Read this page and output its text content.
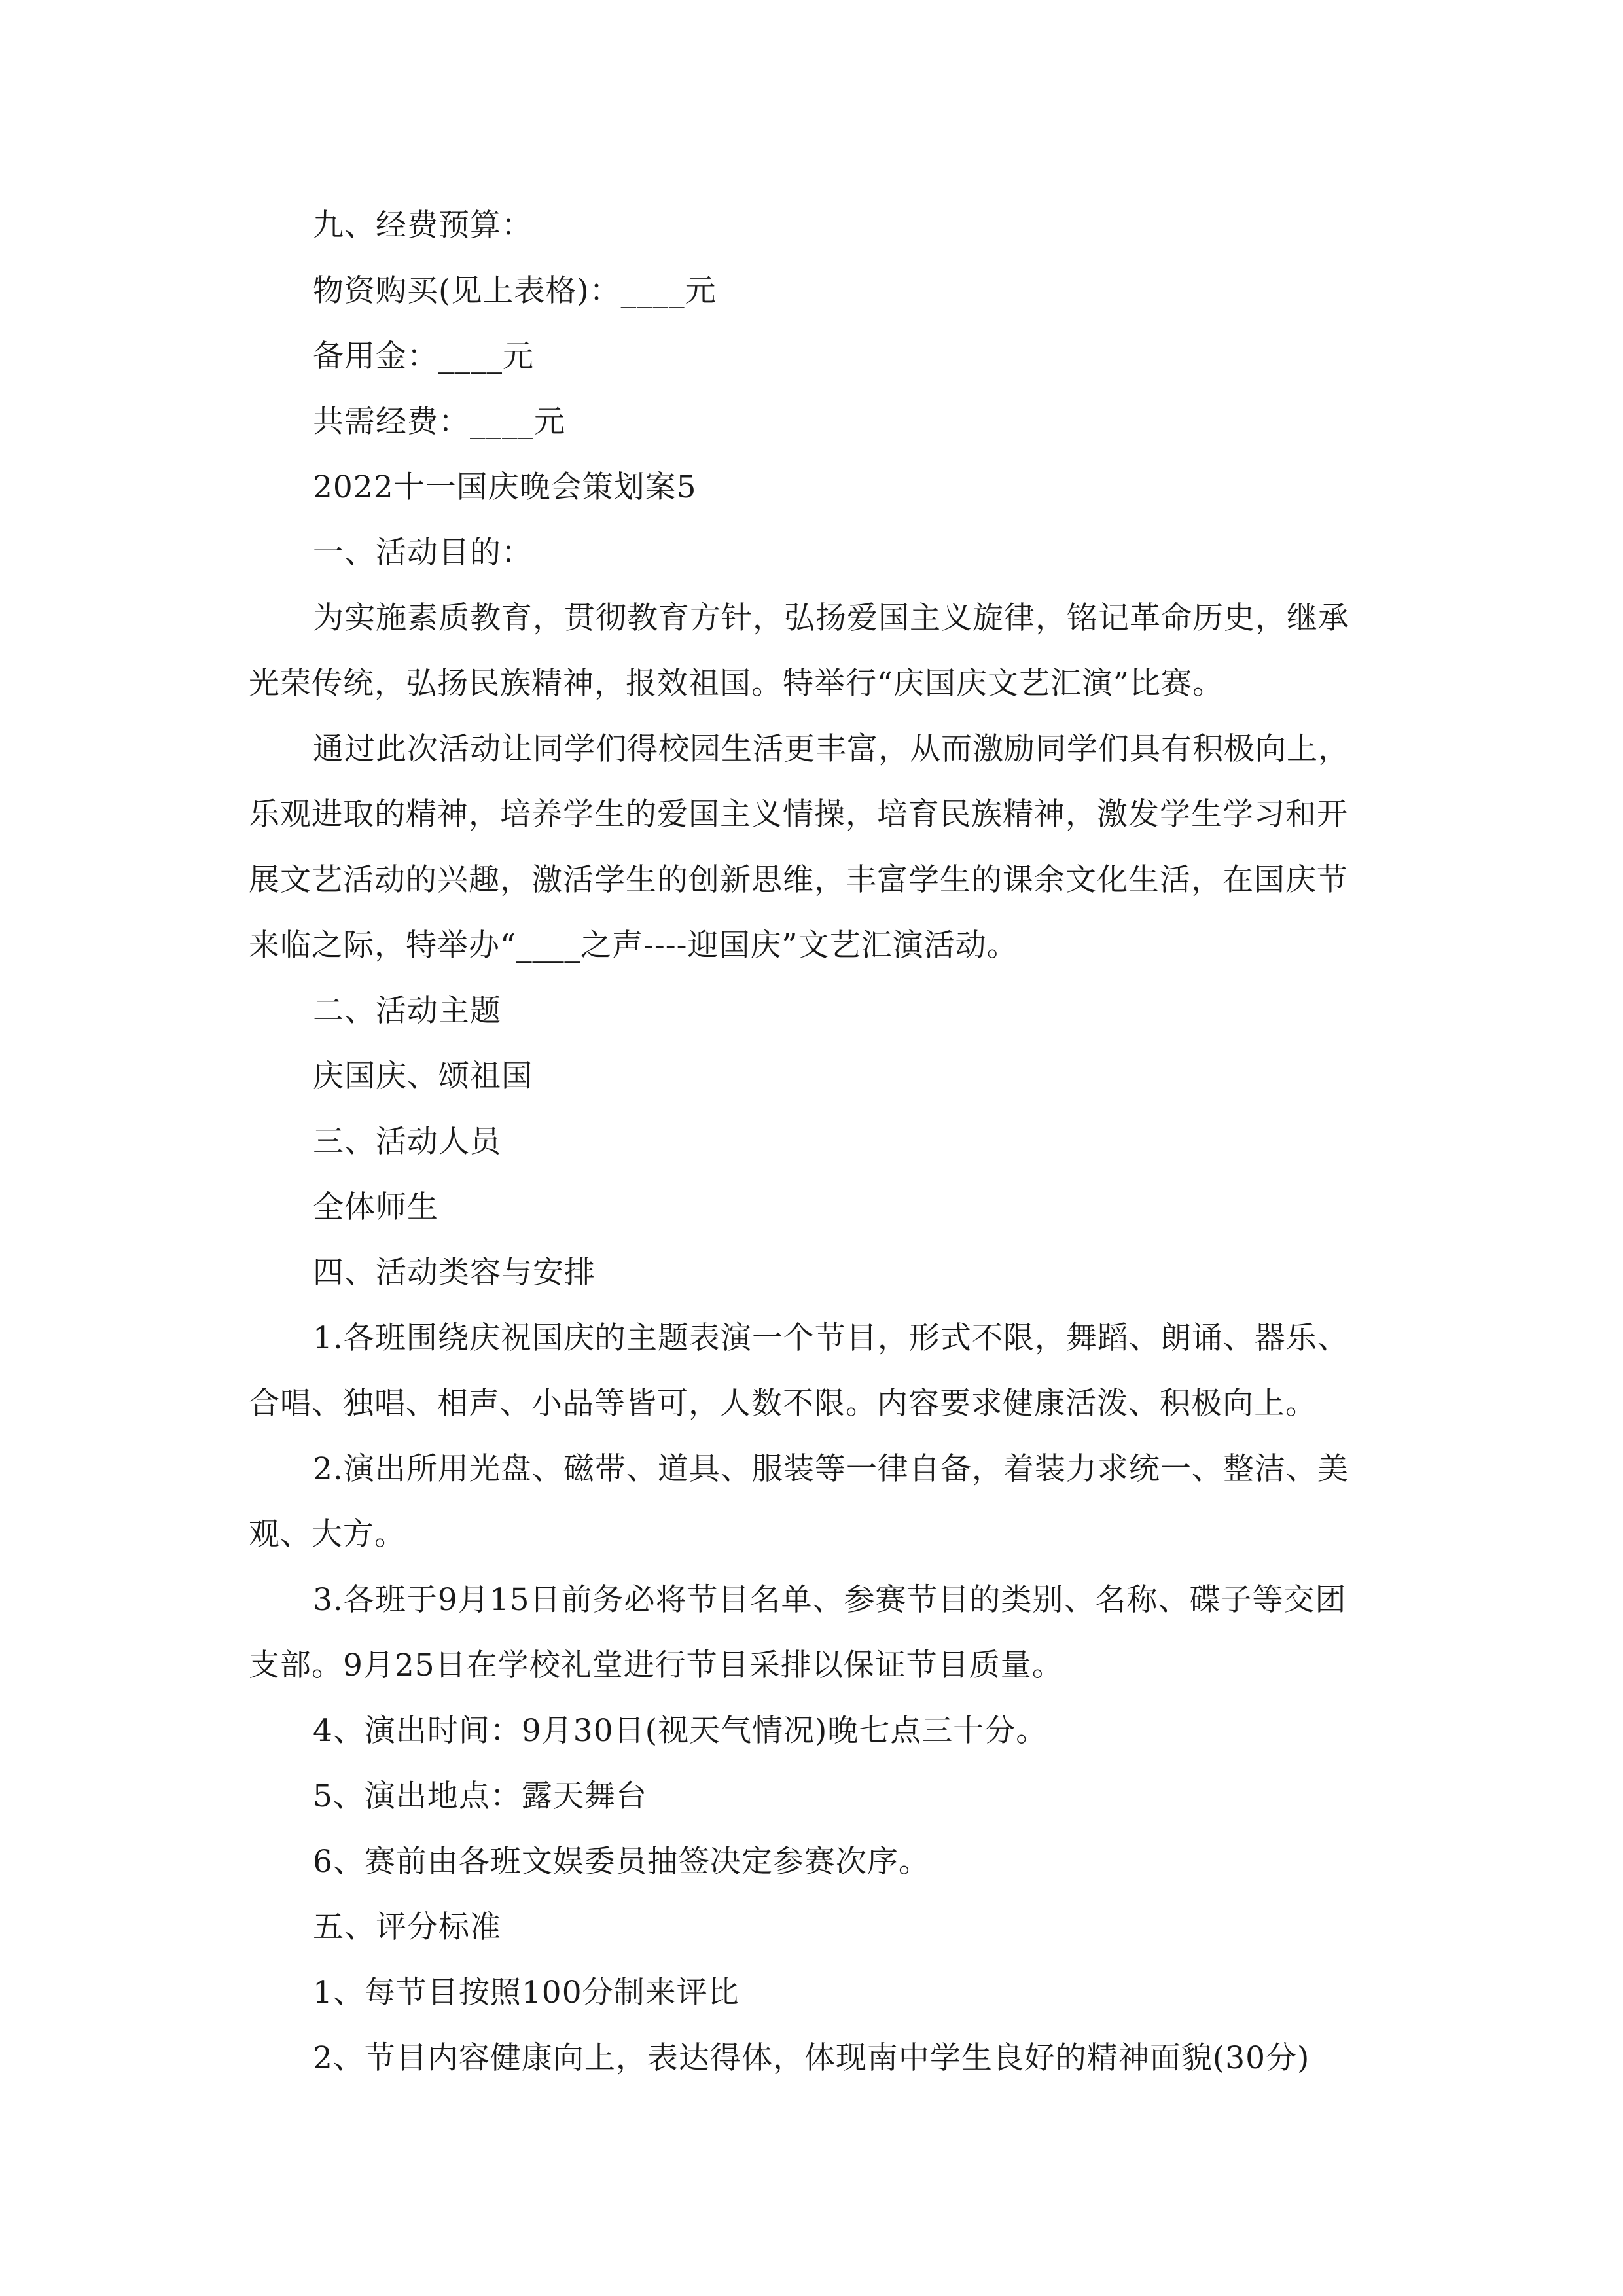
九、经费预算：

物资购买(见上表格)：____元

备用金：____元

共需经费：____元

2022十一国庆晚会策划案5

一、活动目的：

为实施素质教育，贯彻教育方针，弘扬爱国主义旋律，铭记革命历史，继承光荣传统，弘扬民族精神，报效祖国。特举行“庆国庆文艺汇演”比赛。

通过此次活动让同学们得校园生活更丰富，从而激励同学们具有积极向上，乐观进取的精神，培养学生的爱国主义情操，培育民族精神，激发学生学习和开展文艺活动的兴趣，激活学生的创新思维，丰富学生的课余文化生活，在国庆节来临之际，特举办“____之声----迎国庆”文艺汇演活动。

二、活动主题

庆国庆、颂祖国

三、活动人员

全体师生

四、活动类容与安排

1.各班围绕庆祝国庆的主题表演一个节目，形式不限，舞蹈、朗诵、器乐、合唱、独唱、相声、小品等皆可，人数不限。内容要求健康活泼、积极向上。

2.演出所用光盘、磁带、道具、服装等一律自备，着装力求统一、整洁、美观、大方。

3.各班于9月15日前务必将节目名单、参赛节目的类别、名称、碟子等交团支部。9月25日在学校礼堂进行节目采排以保证节目质量。

4、演出时间：9月30日(视天气情况)晚七点三十分。

5、演出地点：露天舞台

6、赛前由各班文娱委员抽签决定参赛次序。

五、评分标准

1、每节目按照100分制来评比

2、节目内容健康向上，表达得体，体现南中学生良好的精神面貌(30分)
